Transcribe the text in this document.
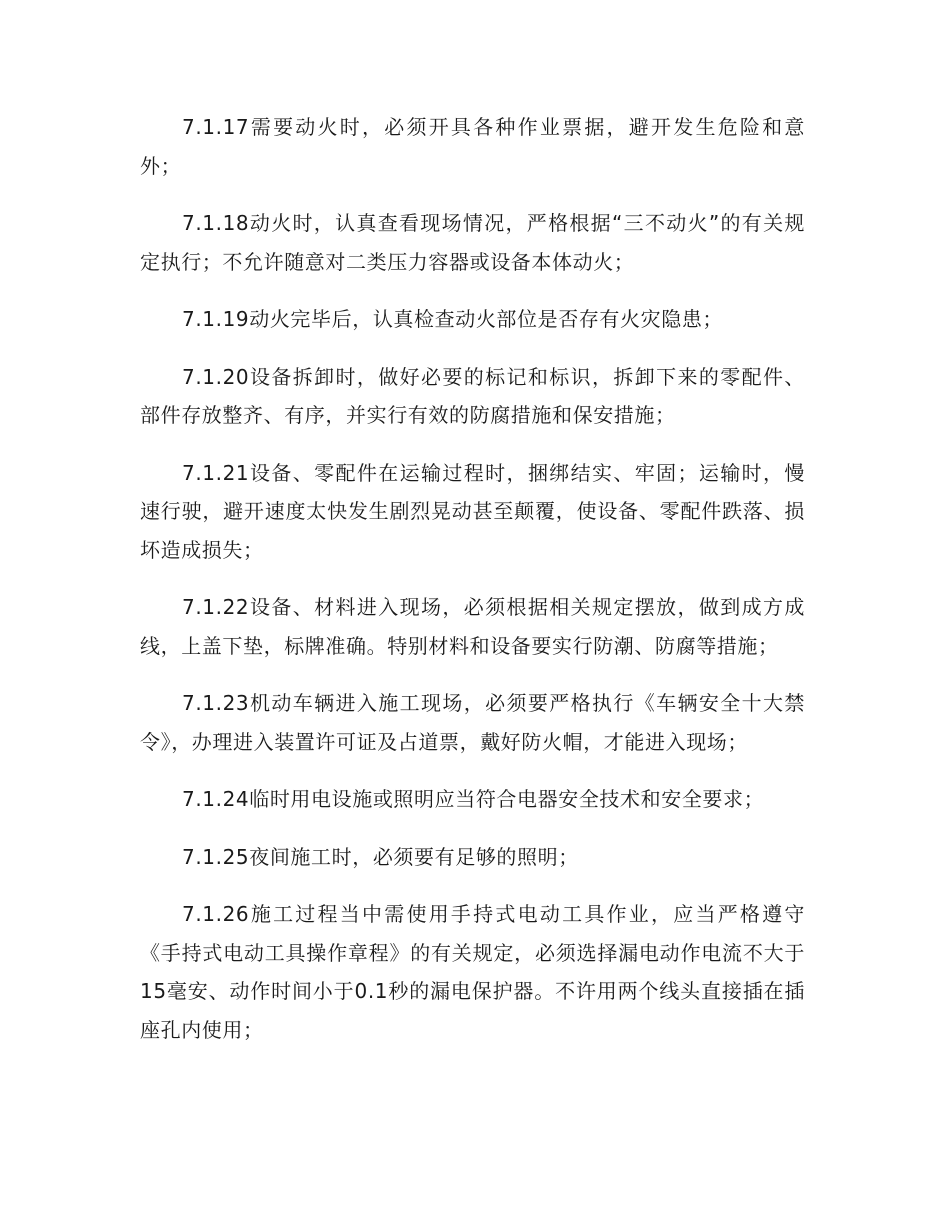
7.1.17需要动火时，必须开具各种作业票据，避开发生危险和意外；

7.1.18动火时，认真查看现场情况，严格根据“三不动火”的有关规定执行；不允许随意对二类压力容器或设备本体动火；

7.1.19动火完毕后，认真检查动火部位是否存有火灾隐患；

7.1.20设备拆卸时，做好必要的标记和标识，拆卸下来的零配件、部件存放整齐、有序，并实行有效的防腐措施和保安措施；

7.1.21设备、零配件在运输过程时，捆绑结实、牢固；运输时，慢速行驶，避开速度太快发生剧烈晃动甚至颠覆，使设备、零配件跌落、损坏造成损失；

7.1.22设备、材料进入现场，必须根据相关规定摆放，做到成方成线，上盖下垫，标牌准确。特别材料和设备要实行防潮、防腐等措施；

7.1.23机动车辆进入施工现场，必须要严格执行《车辆安全十大禁令》，办理进入装置许可证及占道票，戴好防火帽，才能进入现场；

7.1.24临时用电设施或照明应当符合电器安全技术和安全要求；

7.1.25夜间施工时，必须要有足够的照明；

7.1.26施工过程当中需使用手持式电动工具作业，应当严格遵守《手持式电动工具操作章程》的有关规定，必须选择漏电动作电流不大于15毫安、动作时间小于0.1秒的漏电保护器。不许用两个线头直接插在插座孔内使用；
